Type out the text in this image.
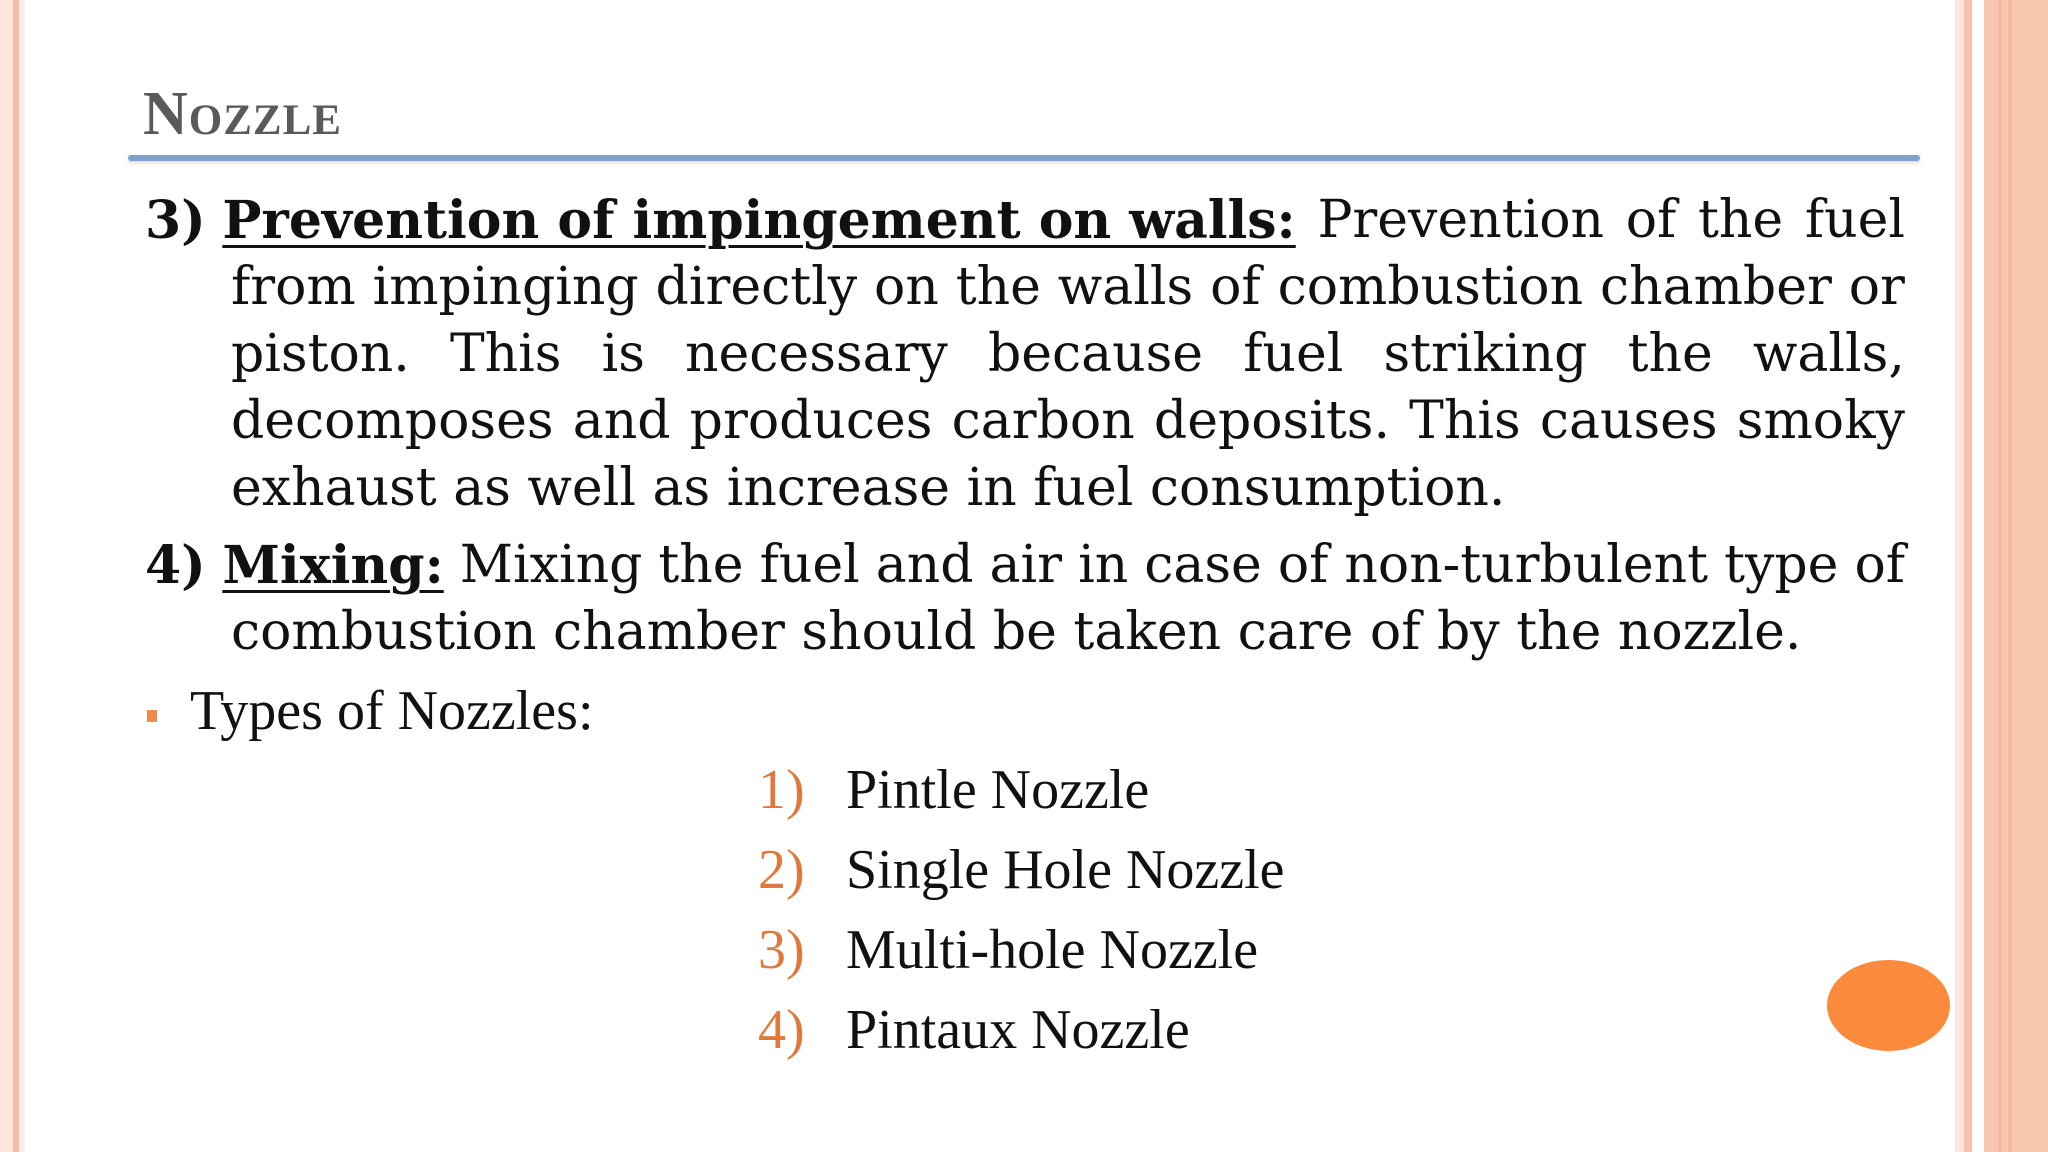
Nozzle
3) Prevention of impingement on walls: Prevention of the fuel
from impinging directly on the walls of combustion chamber or
piston. This is necessary because fuel striking the walls,
decomposes and produces carbon deposits. This causes smoky
exhaust as well as increase in fuel consumption.
4) Mixing: Mixing the fuel and air in case of non-turbulent type of
combustion chamber should be taken care of by the nozzle.
Types of Nozzles:
1) Pintle Nozzle
2) Single Hole Nozzle
3) Multi-hole Nozzle
4) Pintaux Nozzle
